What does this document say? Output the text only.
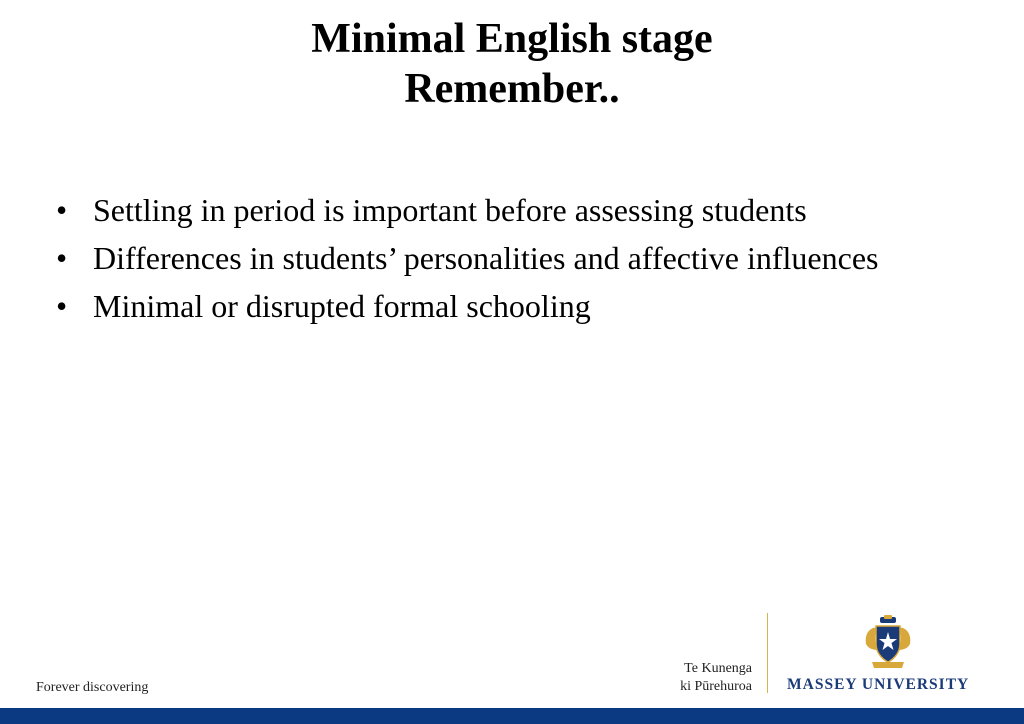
Minimal English stage
Remember..
• Settling in period is important before assessing students
• Differences in students’ personalities and affective influences
• Minimal or disrupted formal schooling
Forever discovering
Te Kunenga
ki Pūrehuroa MASSEY UNIVERSITY
